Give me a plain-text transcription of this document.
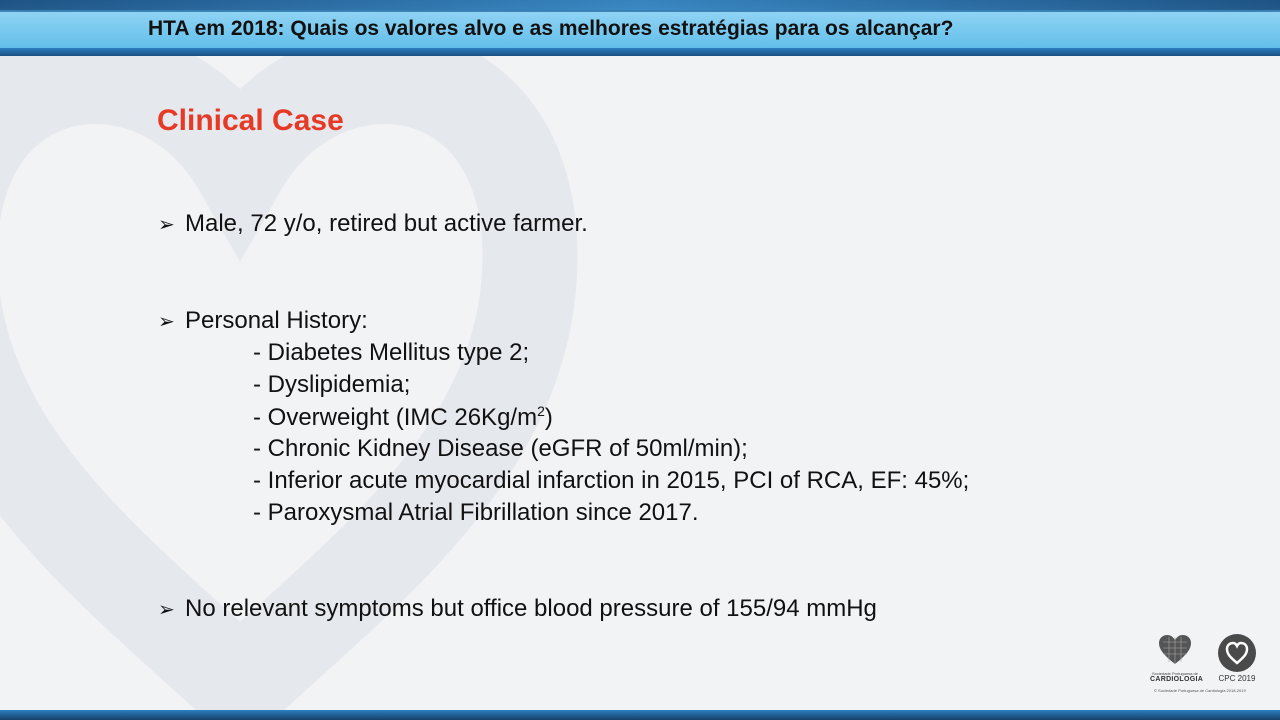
HTA em 2018: Quais os valores alvo e as melhores estratégias para os alcançar?
Clinical Case
➢ Male, 72 y/o, retired but active farmer.
➢ Personal History:
- Diabetes Mellitus type 2;
- Dyslipidemia;
- Overweight (IMC $26Kg/m^2$)
- Chronic Kidney Disease (eGFR of 50ml/min);
- Inferior acute myocardial infarction in 2015, PCI of RCA, EF: 45%;
- Paroxysmal Atrial Fibrillation since 2017.
➢ No relevant symptoms but office blood pressure of 155/94 mmHg
Sociedade Portuguesa de
CARDIOLOGIA	CPC 2019
© Sociedade Portuguesa de Cardiologia 2018-2019
